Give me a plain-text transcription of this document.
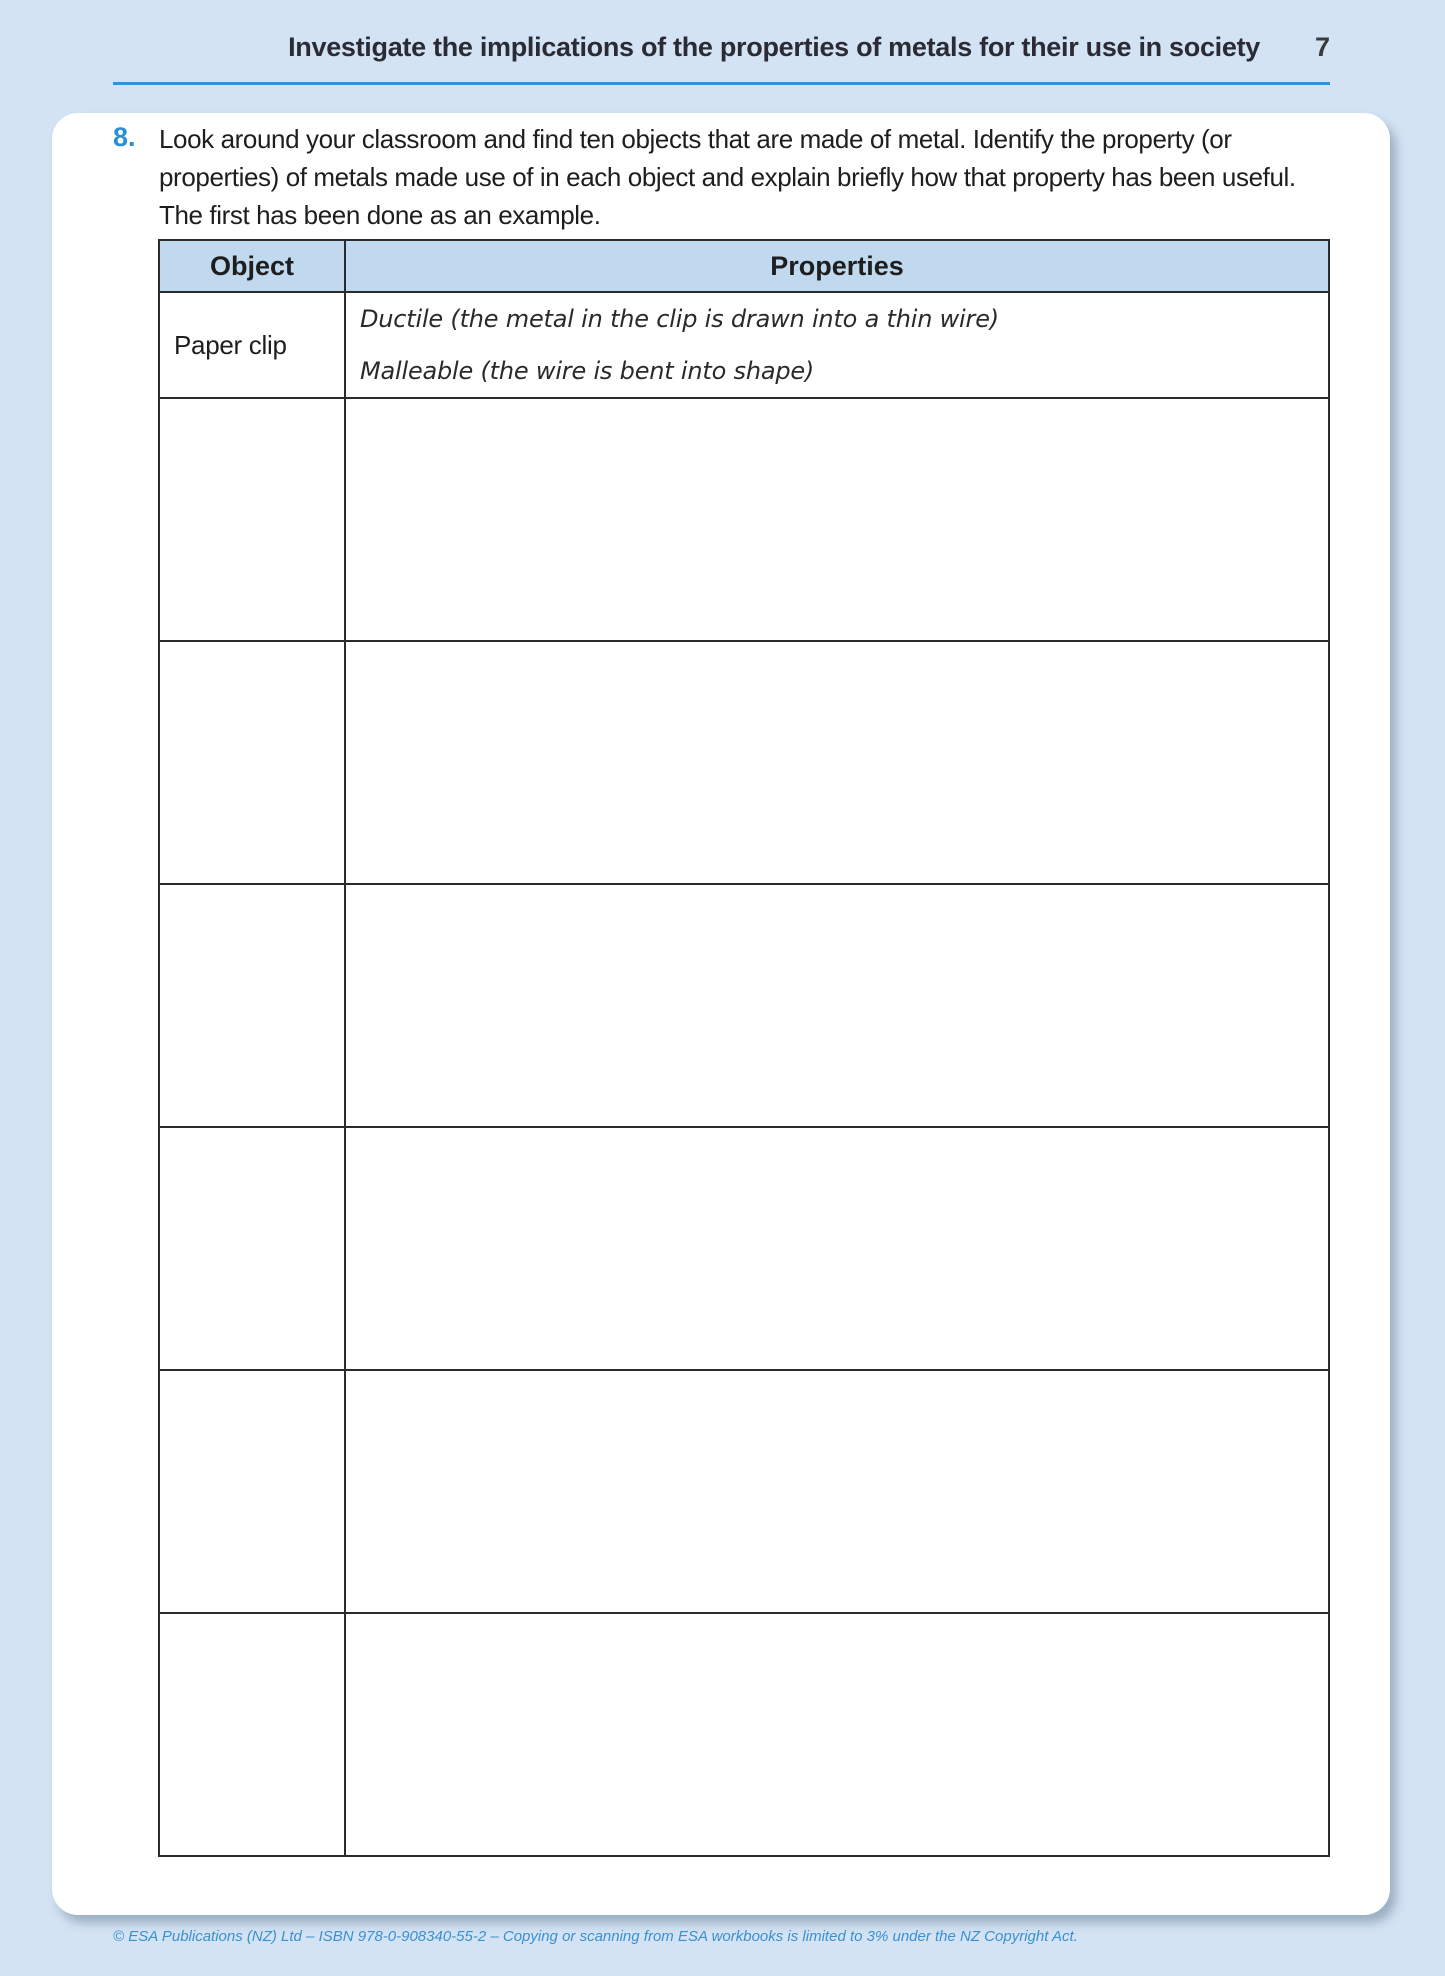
Investigate the implications of the properties of metals for their use in society 7
8. Look around your classroom and find ten objects that are made of metal. Identify the property (or properties) of metals made use of in each object and explain briefly how that property has been useful. The first has been done as an example.
Object	Properties
Paper clip	Ductile (the metal in the clip is drawn into a thin wire)
Malleable (the wire is bent into shape)

© ESA Publications (NZ) Ltd – ISBN 978-0-908340-55-2 – Copying or scanning from ESA workbooks is limited to 3% under the NZ Copyright Act.
